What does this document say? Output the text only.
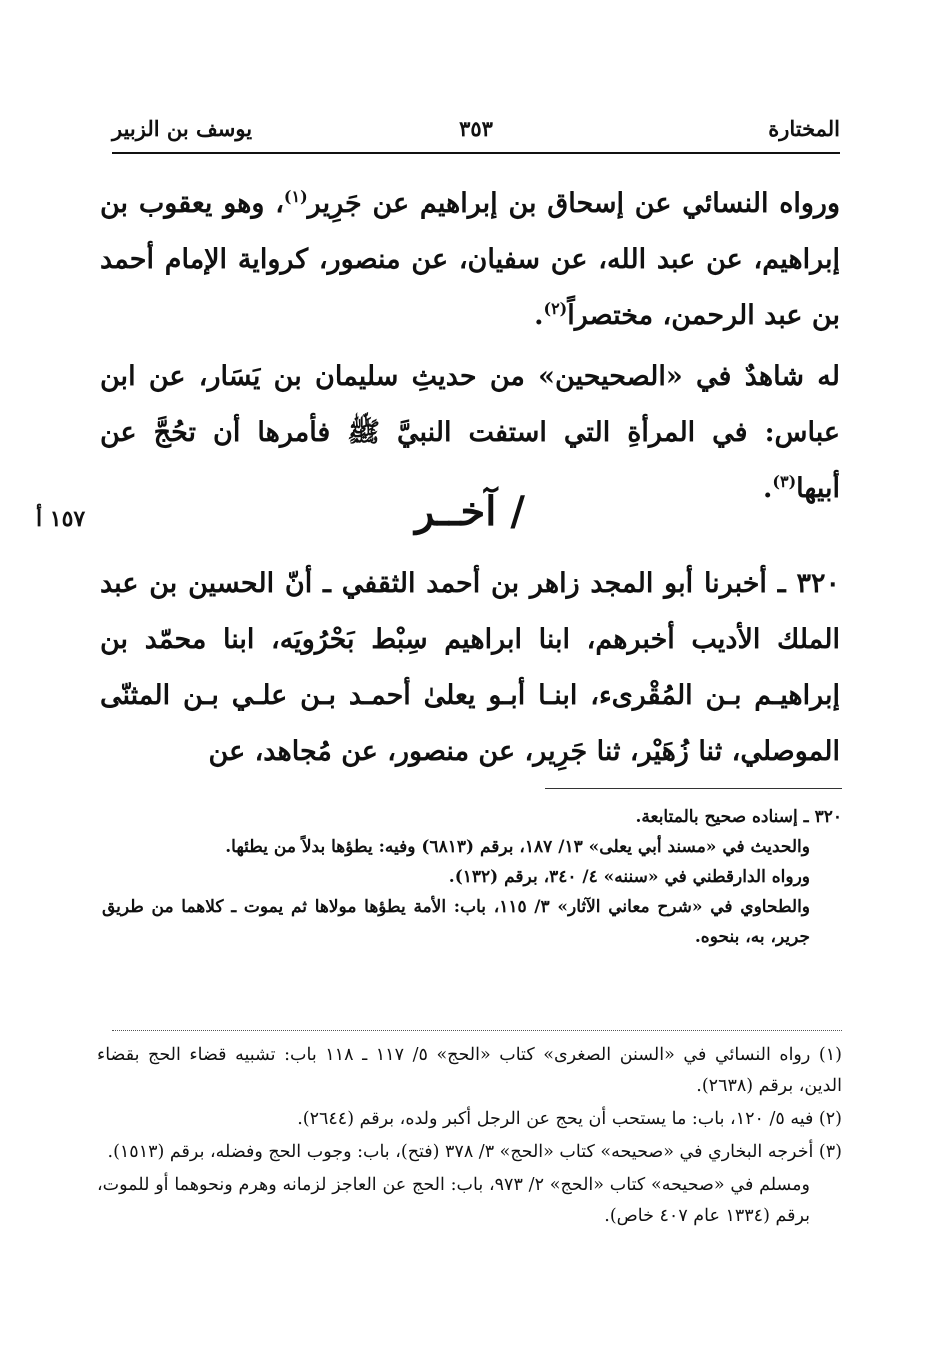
المختارة
٣٥٣
يوسف بن الزبير

ورواه النسائي عن إسحاق بن إبراهيم عن جَرِير$^{(١)}$، وهو يعقوب بن إبراهيم، عن عبد الله، عن سفيان، عن منصور، كرواية الإمام أحمد بن عبد الرحمن، مختصراً$^{(٢)}$.

له شاهدٌ في «الصحيحين» من حديثِ سليمان بن يَسَار، عن ابن عباس: في المرأةِ التي استفت النبيَّ ﷺ فأمرها أن تحُجَّ عن أبيها$^{(٣)}$.

/ آخــر
١٥٧ أ

٣٢٠ ـ أخبرنا أبو المجد زاهر بن أحمد الثقفي ـ أنّ الحسين بن عبد الملك الأديب أخبرهم، ابنا ابراهيم سِبْط بَحْرُويَه، ابنا محمّد بن إبراهيـم بـن المُقْرىء، ابنـا أبـو يعلىٰ أحمـد بـن علـي بـن المثنّى الموصلي، ثنا زُهَيْر، ثنا جَرِير، عن منصور، عن مُجاهد، عن

٣٢٠ ـ إسناده صحيح بالمتابعة.

والحديث في «مسند أبي يعلى» ١٣/ ١٨٧، برقم (٦٨١٣) وفيه: يطؤها بدلاً من يطئها.

ورواه الدارقطني في «سننه» ٤/ ٣٤٠، برقم (١٣٢).

والطحاوي في «شرح معاني الآثار» ٣/ ١١٥، باب: الأمة يطؤها مولاها ثم يموت ـ كلاهما من طريق جرير، به، بنحوه.

(١) رواه النسائي في «السنن الصغرى» كتاب «الحج» ٥/ ١١٧ ـ ١١٨ باب: تشبيه قضاء الحج بقضاء الدين، برقم (٢٦٣٨).

(٢) فيه ٥/ ١٢٠، باب: ما يستحب أن يحج عن الرجل أكبر ولده، برقم (٢٦٤٤).

(٣) أخرجه البخاري في «صحيحه» كتاب «الحج» ٣/ ٣٧٨ (فتح)، باب: وجوب الحج وفضله، برقم (١٥١٣).

ومسلم في «صحيحه» كتاب «الحج» ٢/ ٩٧٣، باب: الحج عن العاجز لزمانه وهرم ونحوهما أو للموت، برقم (١٣٣٤ عام ٤٠٧ خاص).
